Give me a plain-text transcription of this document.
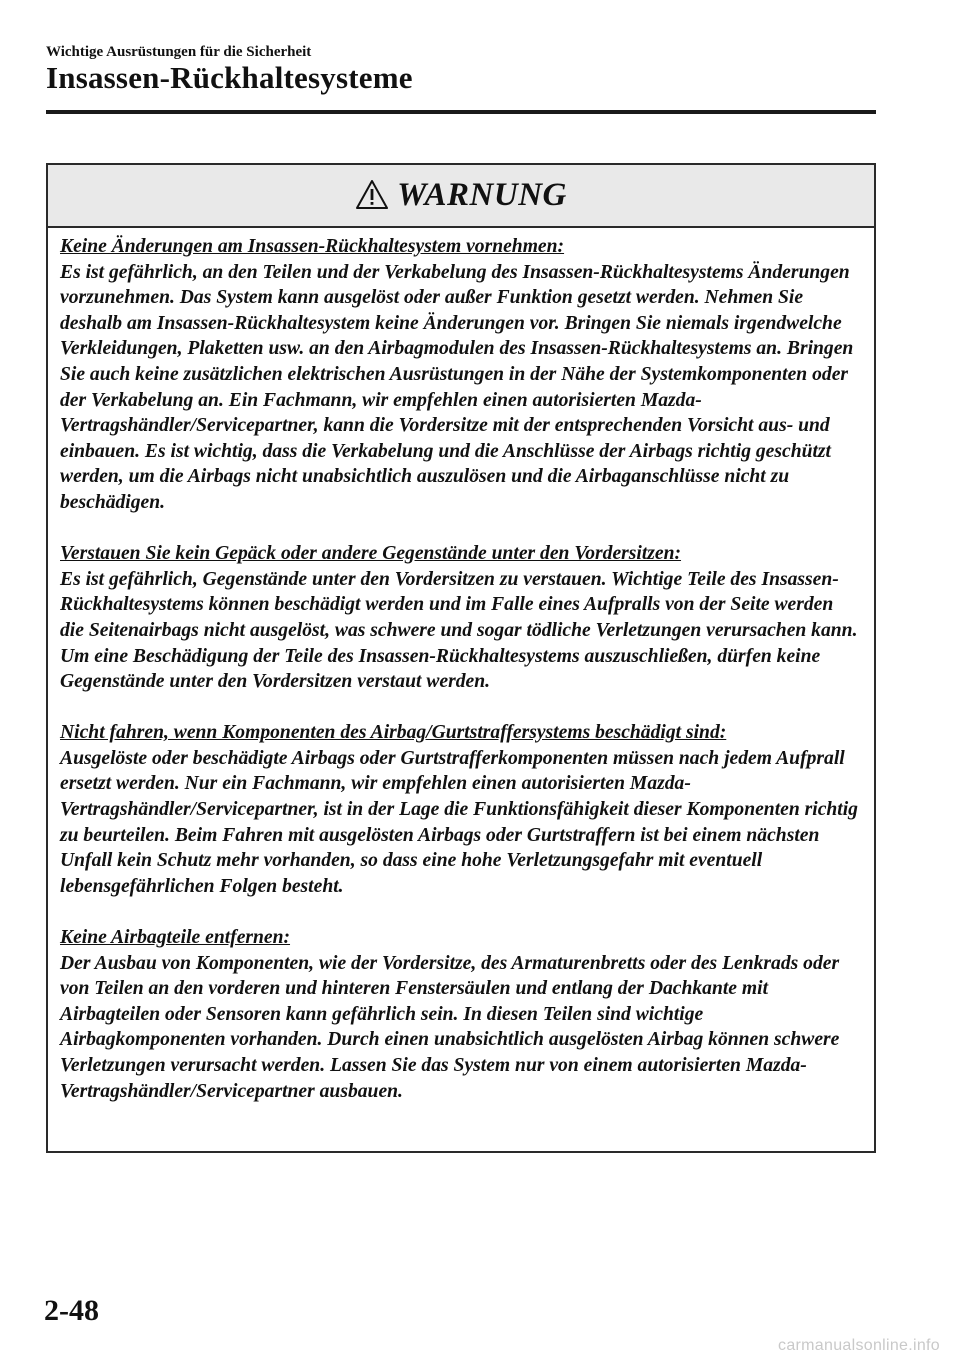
Wichtige Ausrüstungen für die Sicherheit
Insassen-Rückhaltesysteme
WARNUNG
Keine Änderungen am Insassen-Rückhaltesystem vornehmen:
Es ist gefährlich, an den Teilen und der Verkabelung des Insassen-Rückhaltesystems Änderungen vorzunehmen. Das System kann ausgelöst oder außer Funktion gesetzt werden. Nehmen Sie deshalb am Insassen-Rückhaltesystem keine Änderungen vor. Bringen Sie niemals irgendwelche Verkleidungen, Plaketten usw. an den Airbagmodulen des Insassen-Rückhaltesystems an. Bringen Sie auch keine zusätzlichen elektrischen Ausrüstungen in der Nähe der Systemkomponenten oder der Verkabelung an. Ein Fachmann, wir empfehlen einen autorisierten Mazda-Vertragshändler/Servicepartner, kann die Vordersitze mit der entsprechenden Vorsicht aus- und einbauen. Es ist wichtig, dass die Verkabelung und die Anschlüsse der Airbags richtig geschützt werden, um die Airbags nicht unabsichtlich auszulösen und die Airbaganschlüsse nicht zu beschädigen.
Verstauen Sie kein Gepäck oder andere Gegenstände unter den Vordersitzen:
Es ist gefährlich, Gegenstände unter den Vordersitzen zu verstauen. Wichtige Teile des Insassen-Rückhaltesystems können beschädigt werden und im Falle eines Aufpralls von der Seite werden die Seitenairbags nicht ausgelöst, was schwere und sogar tödliche Verletzungen verursachen kann. Um eine Beschädigung der Teile des Insassen-Rückhaltesystems auszuschließen, dürfen keine Gegenstände unter den Vordersitzen verstaut werden.
Nicht fahren, wenn Komponenten des Airbag/Gurtstraffersystems beschädigt sind:
Ausgelöste oder beschädigte Airbags oder Gurtstrafferkomponenten müssen nach jedem Aufprall ersetzt werden. Nur ein Fachmann, wir empfehlen einen autorisierten Mazda-Vertragshändler/Servicepartner, ist in der Lage die Funktionsfähigkeit dieser Komponenten richtig zu beurteilen. Beim Fahren mit ausgelösten Airbags oder Gurtstraffern ist bei einem nächsten Unfall kein Schutz mehr vorhanden, so dass eine hohe Verletzungsgefahr mit eventuell lebensgefährlichen Folgen besteht.
Keine Airbagteile entfernen:
Der Ausbau von Komponenten, wie der Vordersitze, des Armaturenbretts oder des Lenkrads oder von Teilen an den vorderen und hinteren Fenstersäulen und entlang der Dachkante mit Airbagteilen oder Sensoren kann gefährlich sein. In diesen Teilen sind wichtige Airbagkomponenten vorhanden. Durch einen unabsichtlich ausgelösten Airbag können schwere Verletzungen verursacht werden. Lassen Sie das System nur von einem autorisierten Mazda-Vertragshändler/Servicepartner ausbauen.
2-48
carmanualsonline.info
